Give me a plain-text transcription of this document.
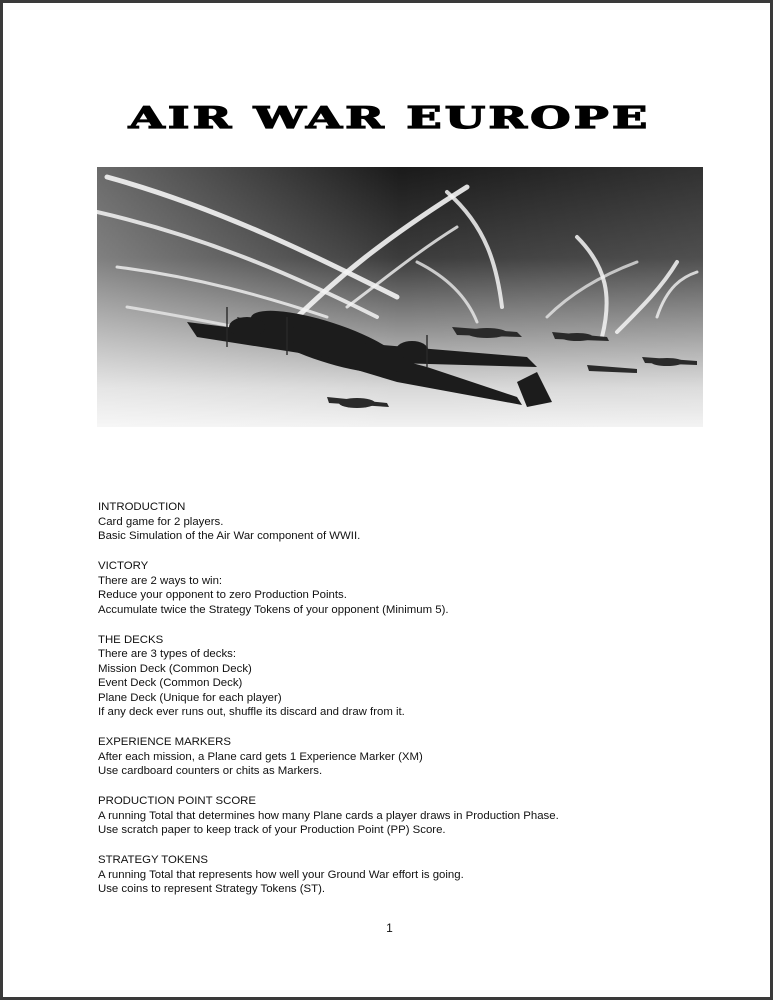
AIR WAR EUROPE
INTRODUCTION
Card game for 2 players.
Basic Simulation of the Air War component of WWII.
VICTORY
There are 2 ways to win:
Reduce your opponent to zero Production Points.
Accumulate twice the Strategy Tokens of your opponent (Minimum 5).
THE DECKS
There are 3 types of decks:
Mission Deck (Common Deck)
Event Deck (Common Deck)
Plane Deck (Unique for each player)
If any deck ever runs out, shuffle its discard and draw from it.
EXPERIENCE MARKERS
After each mission, a Plane card gets 1 Experience Marker (XM)
Use cardboard counters or chits as Markers.
PRODUCTION POINT SCORE
A running Total that determines how many Plane cards a player draws in Production Phase.
Use scratch paper to keep track of your Production Point (PP) Score.
STRATEGY TOKENS
A running Total that represents how well your Ground War effort is going.
Use coins to represent Strategy Tokens (ST).
1
